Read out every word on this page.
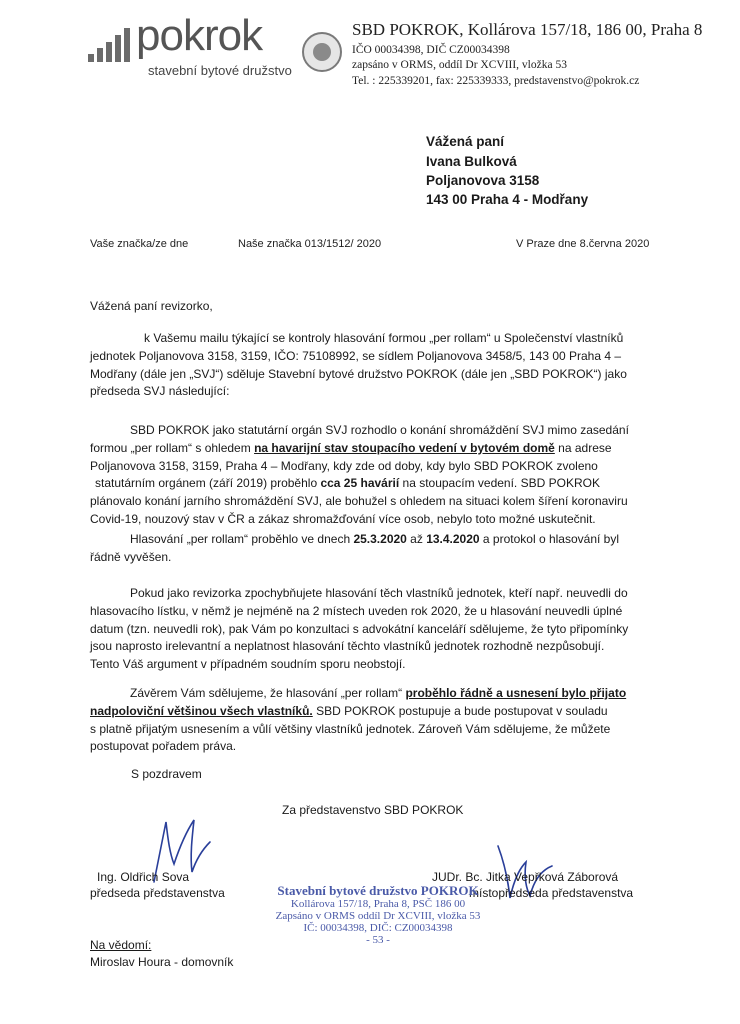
pokrok
stavební bytové družstvo
SBD POKROK, Kollárova 157/18, 186 00, Praha 8
IČO 00034398, DIČ CZ00034398
zapsáno v ORMS, oddíl Dr XCVIII, vložka 53
Tel. : 225339201, fax: 225339333, predstavenstvo@pokrok.cz
Vážená paní
Ivana Bulková
Poljanovova 3158
143 00 Praha 4 - Modřany
Vaše značka/ze dne	Naše značka 013/1512/ 2020	V Praze dne 8.června 2020
Vážená paní revizorko,

k Vašemu mailu týkající se kontroly hlasování formou „per rollam“ u Společenství vlastníků

jednotek Poljanovova 3158, 3159, IČO: 75108992, se sídlem Poljanovova 3458/5, 143 00 Praha 4 –

Modřany (dále jen „SVJ“) sděluje Stavební bytové družstvo POKROK (dále jen „SBD POKROK“) jako

předseda SVJ následující:

SBD POKROK jako statutární orgán SVJ rozhodlo o konání shromáždění SVJ mimo zasedání

formou „per rollam“ s ohledem na havarijní stav stoupacího vedení v bytovém domě na adrese

Poljanovova 3158, 3159, Praha 4 – Modřany, kdy zde od doby, kdy bylo SBD POKROK zvoleno

statutárním orgánem (září 2019) proběhlo cca 25 havárií na stoupacím vedení. SBD POKROK

plánovalo konání jarního shromáždění SVJ, ale bohužel s ohledem na situaci kolem šíření koronaviru

Covid-19, nouzový stav v ČR a zákaz shromažďování více osob, nebylo toto možné uskutečnit.

Hlasování „per rollam“ proběhlo ve dnech 25.3.2020 až 13.4.2020 a protokol o hlasování byl

řádně vyvěšen.

Pokud jako revizorka zpochybňujete hlasování těch vlastníků jednotek, kteří např. neuvedli do

hlasovacího lístku, v němž je nejméně na 2 místech uveden rok 2020, že u hlasování neuvedli úplné

datum (tzn. neuvedli rok), pak Vám po konzultaci s advokátní kanceláří sdělujeme, že tyto připomínky

jsou naprosto irelevantní a neplatnost hlasování těchto vlastníků jednotek rozhodně nezpůsobují.

Tento Váš argument v případném soudním sporu neobstojí.

Závěrem Vám sdělujeme, že hlasování „per rollam“ proběhlo řádně a usnesení bylo přijato

nadpoloviční většinou všech vlastníků. SBD POKROK postupuje a bude postupovat v souladu

s platně přijatým usnesením a vůlí většiny vlastníků jednotek. Zároveň Vám sdělujeme, že můžete

postupovat pořadem práva.

S pozdravem
Za představenstvo SBD POKROK
Ing. Oldřich Sova
předseda představenstva
JUDr. Bc. Jitka Vepřková Záborová
místopředseda představenstva
Stavební bytové družstvo POKROK
Kollárova 157/18, Praha 8, PSČ 186 00
Zapsáno v ORMS oddíl Dr XCVIII, vložka 53
IČ: 00034398, DIČ: CZ00034398
- 53 -
Na vědomí:
Miroslav Houra - domovník
